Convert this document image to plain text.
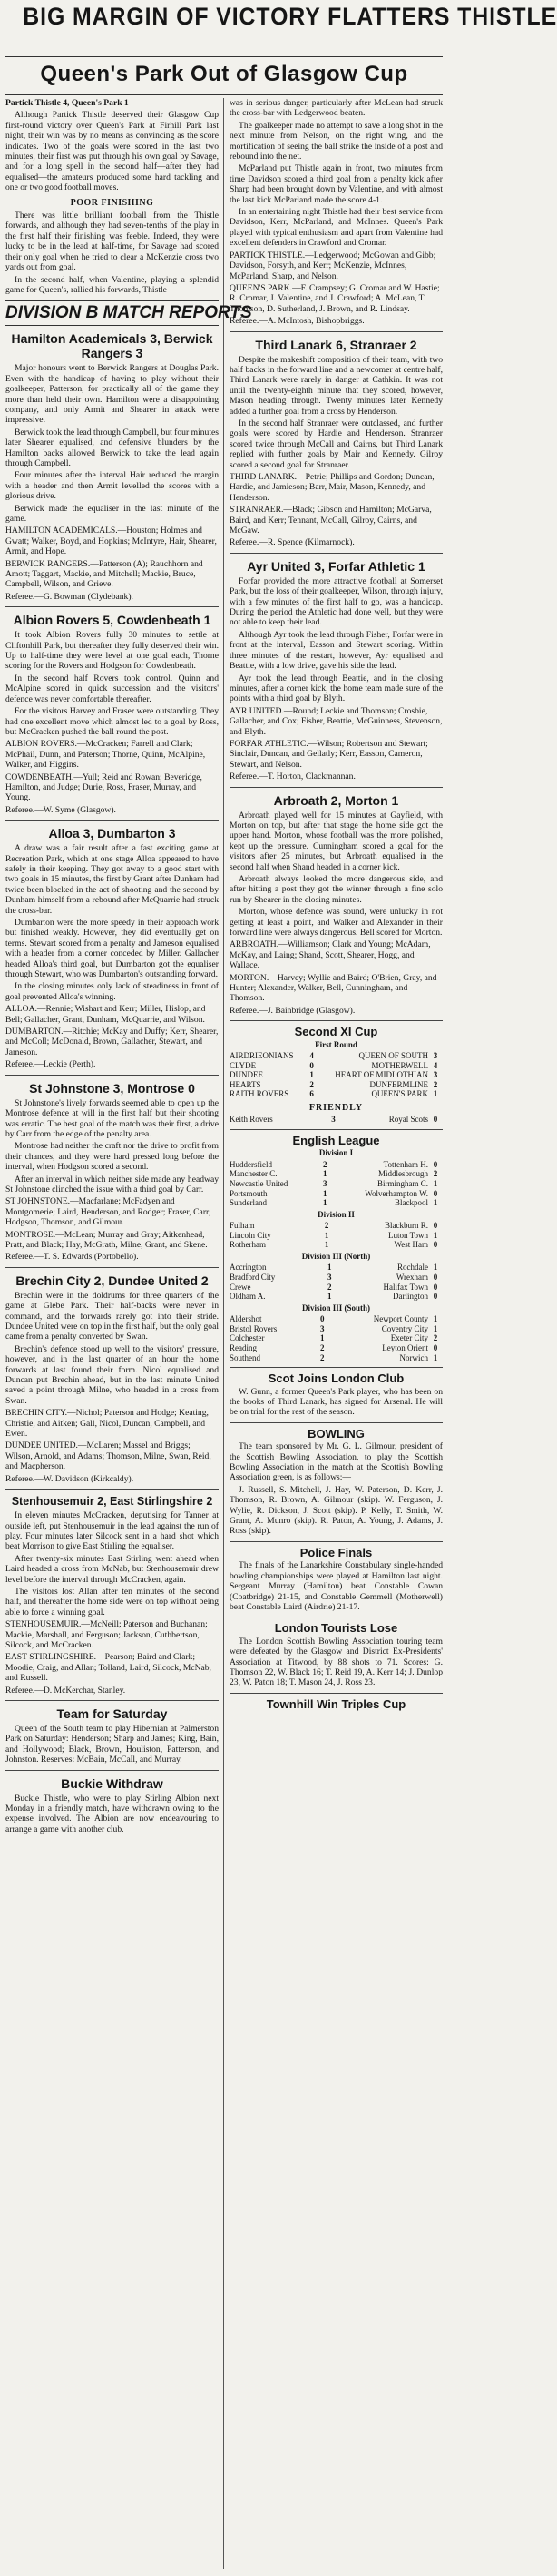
BIG MARGIN OF VICTORY FLATTERS THISTLE
Queen's Park Out of Glasgow Cup

Partick Thistle 4, Queen's Park 1

Although Partick Thistle deserved their Glasgow Cup first-round victory over Queen's Park at Firhill Park last night, their win was by no means as convincing as the score indicates. Two of the goals were scored in the last two minutes, their first was put through his own goal by Savage, and for a long spell in the second half—after they had equalised—the amateurs produced some hard tackling and one or two good football moves.

POOR FINISHING

There was little brilliant football from the Thistle forwards, and although they had seven-tenths of the play in the first half their finishing was feeble. Indeed, they were lucky to be in the lead at half-time, for Savage had scored their only goal when he tried to clear a McKenzie cross two yards out from goal.

In the second half, when Valentine, playing a splendid game for Queen's, rallied his forwards, Thistle

DIVISION B MATCH REPORTS
Hamilton Academicals 3, Berwick Rangers 3

Major honours went to Berwick Rangers at Douglas Park. Even with the handicap of having to play without their goalkeeper, Patterson, for practically all of the game they more than held their own. Hamilton were a disappointing company, and only Armit and Shearer in attack were impressive.

Berwick took the lead through Campbell, but four minutes later Shearer equalised, and defensive blunders by the Hamilton backs allowed Berwick to take the lead again through Campbell.

Four minutes after the interval Hair reduced the margin with a header and then Armit levelled the scores with a glorious drive.

Berwick made the equaliser in the last minute of the game.

HAMILTON ACADEMICALS.—Houston; Holmes and Gwatt; Walker, Boyd, and Hopkins; McIntyre, Hair, Shearer, Armit, and Hope.

BERWICK RANGERS.—Patterson (A); Rauchhorn and Amott; Taggart, Mackie, and Mitchell; Mackie, Bruce, Campbell, Wilson, and Grieve.

Referee.—G. Bowman (Clydebank).

Albion Rovers 5, Cowdenbeath 1

It took Albion Rovers fully 30 minutes to settle at Cliftonhill Park, but thereafter they fully deserved their win. Up to half-time they were level at one goal each, Thorne scoring for the Rovers and Hodgson for Cowdenbeath.

In the second half Rovers took control. Quinn and McAlpine scored in quick succession and the visitors' defence was never comfortable thereafter.

For the visitors Harvey and Fraser were outstanding. They had one excellent move which almost led to a goal by Ross, but McCracken pushed the ball round the post.

ALBION ROVERS.—McCracken; Farrell and Clark; McPhail, Dunn, and Paterson; Thorne, Quinn, McAlpine, Walker, and Higgins.

COWDENBEATH.—Yull; Reid and Rowan; Beveridge, Hamilton, and Judge; Durie, Ross, Fraser, Murray, and Young.

Referee.—W. Syme (Glasgow).

Alloa 3, Dumbarton 3

A draw was a fair result after a fast exciting game at Recreation Park, which at one stage Alloa appeared to have safely in their keeping. They got away to a good start with two goals in 15 minutes, the first by Grant after Dunham had twice been blocked in the act of shooting and the second by Dunham himself from a rebound after McQuarrie had struck the cross-bar.

Dumbarton were the more speedy in their approach work but finished weakly. However, they did eventually get on terms. Stewart scored from a penalty and Jameson equalised with a header from a corner conceded by Miller. Gallacher headed Alloa's third goal, but Dumbarton got the equaliser through Stewart, who was Dumbarton's outstanding forward.

In the closing minutes only lack of steadiness in front of goal prevented Alloa's winning.

ALLOA.—Rennie; Wishart and Kerr; Miller, Hislop, and Bell; Gallacher, Grant, Dunham, McQuarrie, and Wilson.

DUMBARTON.—Ritchie; McKay and Duffy; Kerr, Shearer, and McColl; McDonald, Brown, Gallacher, Stewart, and Jameson.

Referee.—Leckie (Perth).

St Johnstone 3, Montrose 0

St Johnstone's lively forwards seemed able to open up the Montrose defence at will in the first half but their shooting was erratic. The best goal of the match was their first, a drive by Carr from the edge of the penalty area.

Montrose had neither the craft nor the drive to profit from their chances, and they were hard pressed long before the interval, when Hodgson scored a second.

After an interval in which neither side made any headway St Johnstone clinched the issue with a third goal by Carr.

ST JOHNSTONE.—Macfarlane; McFadyen and Montgomerie; Laird, Henderson, and Rodger; Fraser, Carr, Hodgson, Thomson, and Gilmour.

MONTROSE.—McLean; Murray and Gray; Aitkenhead, Pratt, and Black; Hay, McGrath, Milne, Grant, and Skene.

Referee.—T. S. Edwards (Portobello).

Brechin City 2, Dundee United 2

Brechin were in the doldrums for three quarters of the game at Glebe Park. Their half-backs were never in command, and the forwards rarely got into their stride. Dundee United were on top in the first half, but the only goal came from a penalty converted by Swan.

Brechin's defence stood up well to the visitors' pressure, however, and in the last quarter of an hour the home forwards at last found their form. Nicol equalised and Duncan put Brechin ahead, but in the last minute United saved a point through Milne, who headed in a cross from Swan.

BRECHIN CITY.—Nichol; Paterson and Hodge; Keating, Christie, and Aitken; Gall, Nicol, Duncan, Campbell, and Ewen.

DUNDEE UNITED.—McLaren; Massel and Briggs; Wilson, Arnold, and Adams; Thomson, Milne, Swan, Reid, and Macpherson.

Referee.—W. Davidson (Kirkcaldy).

Stenhousemuir 2, East Stirlingshire 2

In eleven minutes McCracken, deputising for Tanner at outside left, put Stenhousemuir in the lead against the run of play. Four minutes later Silcock sent in a hard shot which beat Morrison to give East Stirling the equaliser.

After twenty-six minutes East Stirling went ahead when Laird headed a cross from McNab, but Stenhousemuir drew level before the interval through McCracken, again.

The visitors lost Allan after ten minutes of the second half, and thereafter the home side were on top without being able to force a winning goal.

STENHOUSEMUIR.—McNeill; Paterson and Buchanan; Mackie, Marshall, and Ferguson; Jackson, Cuthbertson, Silcock, and McCracken.

EAST STIRLINGSHIRE.—Pearson; Baird and Clark; Moodie, Craig, and Allan; Tolland, Laird, Silcock, McNab, and Russell.

Referee.—D. McKerchar, Stanley.

Team for Saturday

Queen of the South team to play Hibernian at Palmerston Park on Saturday: Henderson; Sharp and James; King, Bain, and Hollywood; Black, Brown, Houliston, Patterson, and Johnston. Reserves: McBain, McCall, and Murray.

Buckie Withdraw

Buckie Thistle, who were to play Stirling Albion next Monday in a friendly match, have withdrawn owing to the expense involved. The Albion are now endeavouring to arrange a game with another club.

was in serious danger, particularly after McLean had struck the cross-bar with Ledgerwood beaten.

The goalkeeper made no attempt to save a long shot in the next minute from Nelson, on the right wing, and the mortification of seeing the ball strike the inside of a post and rebound into the net.

McParland put Thistle again in front, two minutes from time Davidson scored a third goal from a penalty kick after Sharp had been brought down by Valentine, and with almost the last kick McParland made the score 4-1.

In an entertaining night Thistle had their best service from Davidson, Kerr, McParland, and McInnes. Queen's Park played with typical enthusiasm and apart from Valentine had excellent defenders in Crawford and Cromar.

PARTICK THISTLE.—Ledgerwood; McGowan and Gibb; Davidson, Forsyth, and Kerr; McKenzie, McInnes, McParland, Sharp, and Nelson.

QUEEN'S PARK.—F. Crampsey; G. Cromar and W. Hastie; R. Cromar, J. Valentine, and J. Crawford; A. McLean, T. Thomson, D. Sutherland, J. Brown, and R. Lindsay.

Referee.—A. McIntosh, Bishopbriggs.

Third Lanark 6, Stranraer 2

Despite the makeshift composition of their team, with two half backs in the forward line and a newcomer at centre half, Third Lanark were rarely in danger at Cathkin. It was not until the twenty-eighth minute that they scored, however, Mason heading through. Twenty minutes later Kennedy added a further goal from a cross by Henderson.

In the second half Stranraer were outclassed, and further goals were scored by Hardie and Henderson. Stranraer scored twice through McCall and Cairns, but Third Lanark replied with further goals by Mair and Kennedy. Gilroy scored a second goal for Stranraer.

THIRD LANARK.—Petrie; Phillips and Gordon; Duncan, Hardie, and Jamieson; Barr, Mair, Mason, Kennedy, and Henderson.

STRANRAER.—Black; Gibson and Hamilton; McGarva, Baird, and Kerr; Tennant, McCall, Gilroy, Cairns, and McGaw.

Referee.—R. Spence (Kilmarnock).

Ayr United 3, Forfar Athletic 1

Forfar provided the more attractive football at Somerset Park, but the loss of their goalkeeper, Wilson, through injury, with a few minutes of the first half to go, was a handicap. During the period the Athletic had done well, but they were not able to keep their lead.

Although Ayr took the lead through Fisher, Forfar were in front at the interval, Easson and Stewart scoring. Within three minutes of the restart, however, Ayr equalised and Beattie, with a low drive, gave his side the lead.

Ayr took the lead through Beattie, and in the closing minutes, after a corner kick, the home team made sure of the points with a third goal by Blyth.

AYR UNITED.—Round; Leckie and Thomson; Crosbie, Gallacher, and Cox; Fisher, Beattie, McGuinness, Stevenson, and Blyth.

FORFAR ATHLETIC.—Wilson; Robertson and Stewart; Sinclair, Duncan, and Gellatly; Kerr, Easson, Cameron, Stewart, and Nelson.

Referee.—T. Horton, Clackmannan.

Arbroath 2, Morton 1

Arbroath played well for 15 minutes at Gayfield, with Morton on top, but after that stage the home side got the upper hand. Morton, whose football was the more polished, kept up the pressure. Cunningham scored a goal for the visitors after 25 minutes, but Arbroath equalised in the second half when Shand headed in a corner kick.

Arbroath always looked the more dangerous side, and after hitting a post they got the winner through a fine solo run by Shearer in the closing minutes.

Morton, whose defence was sound, were unlucky in not getting at least a point, and Walker and Alexander in their forward line were always dangerous. Bell scored for Morton.

ARBROATH.—Williamson; Clark and Young; McAdam, McKay, and Laing; Shand, Scott, Shearer, Hogg, and Wallace.

MORTON.—Harvey; Wyllie and Baird; O'Brien, Gray, and Hunter; Alexander, Walker, Bell, Cunningham, and Thomson.

Referee.—J. Bainbridge (Glasgow).

Second XI Cup
First Round
AIRDRIEONIANS	4	QUEEN OF SOUTH	3
CLYDE	0	MOTHERWELL	4
DUNDEE	1	HEART OF MIDLOTHIAN	3
HEARTS	2	DUNFERMLINE	2
RAITH ROVERS	6	QUEEN'S PARK	1
FRIENDLY
Keith Rovers	3	Royal Scots	0
English League
Division I
Huddersfield	2	Tottenham H.	0
Manchester C.	1	Middlesbrough	2
Newcastle United	3	Birmingham C.	1
Portsmouth	1	Wolverhampton W.	0
Sunderland	1	Blackpool	1
Division II
Fulham	2	Blackburn R.	0
Lincoln City	1	Luton Town	1
Rotherham	1	West Ham	0
Division III (North)
Accrington	1	Rochdale	1
Bradford City	3	Wrexham	0
Crewe	2	Halifax Town	0
Oldham A.	1	Darlington	0
Division III (South)
Aldershot	0	Newport County	1
Bristol Rovers	3	Coventry City	1
Colchester	1	Exeter City	2
Reading	2	Leyton Orient	0
Southend	2	Norwich	1
Scot Joins London Club

W. Gunn, a former Queen's Park player, who has been on the books of Third Lanark, has signed for Arsenal. He will be on trial for the rest of the season.

BOWLING

The team sponsored by Mr. G. L. Gilmour, president of the Scottish Bowling Association, to play the Scottish Bowling Association in the match at the Scottish Bowling Association green, is as follows:—

J. Russell, S. Mitchell, J. Hay, W. Paterson, D. Kerr, J. Thomson, R. Brown, A. Gilmour (skip). W. Ferguson, J. Wylie, R. Dickson, J. Scott (skip). P. Kelly, T. Smith, W. Grant, A. Munro (skip). R. Paton, A. Young, J. Adams, J. Ross (skip).

Police Finals

The finals of the Lanarkshire Constabulary single-handed bowling championships were played at Hamilton last night. Sergeant Murray (Hamilton) beat Constable Cowan (Coatbridge) 21-15, and Constable Gemmell (Motherwell) beat Constable Laird (Airdrie) 21-17.

London Tourists Lose

The London Scottish Bowling Association touring team were defeated by the Glasgow and District Ex-Presidents' Association at Titwood, by 88 shots to 71. Scores: G. Thomson 22, W. Black 16; T. Reid 19, A. Kerr 14; J. Dunlop 23, W. Paton 18; T. Mason 24, J. Ross 23.

Townhill Win Triples Cup
